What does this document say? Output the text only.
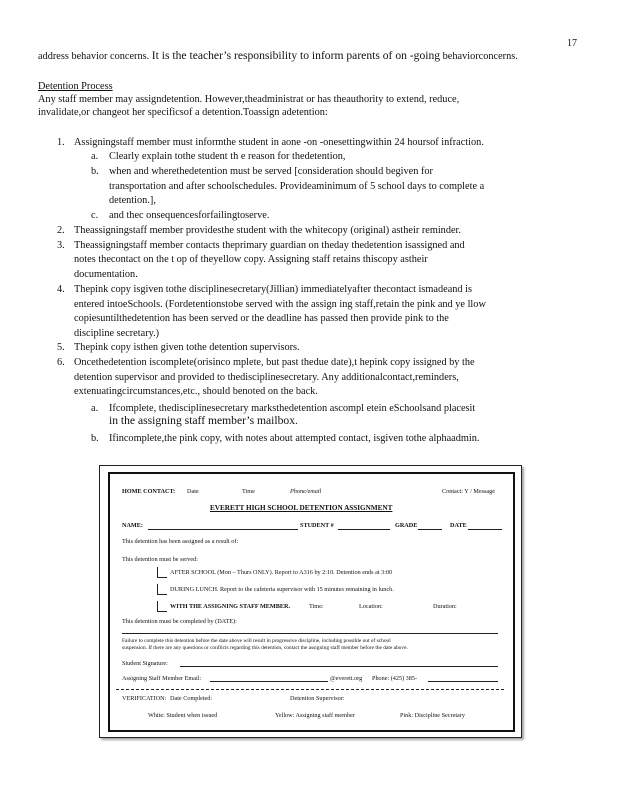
17
address behavior concerns. It is the teacher’s responsibility to inform parents of on -going behaviorconcerns.
Detention Process
Any staff member may assigndetention. However,theadministrat or has theauthority to extend, reduce,
invalidate,or changeot her specificsof a detention.Toassign adetention:
1. Assigningstaff member must informthe student in aone -on -onesettingwithin 24 hoursof infraction.
a. Clearly explain tothe student th e reason for thedetention,
b. when and wherethedetention must be served [consideration should begiven for
transportation and after schoolschedules. Provideaminimum of 5 school days to complete a
detention.],
c. and thec onsequencesforfailingtoserve.
2. Theassigningstaff member providesthe student with the whitecopy (original) astheir reminder.
3. Theassigningstaff member contacts theprimary guardian on theday thedetention isassigned and
notes thecontact on the t op of theyellow copy. Assigning staff retains thiscopy astheir
documentation.
4. Thepink copy isgiven tothe disciplinesecretary(Jillian) immediatelyafter thecontact ismadeand is
entered intoeSchools. (Fordetentionstobe served with the assign ing staff,retain the pink and ye llow
copiesuntilthedetention has been served or the deadline has passed then provide pink to the
discipline secretary.)
5. Thepink copy isthen given tothe detention supervisors.
6. Oncethedetention iscomplete(orisinco mplete, but past thedue date),t hepink copy issigned by the
detention supervisor and provided to thedisciplinesecretary. Any additionalcontact,reminders,
extenuatingcircumstances,etc., should benoted on the back.
a. Ifcomplete, thedisciplinesecretary marksthedetention ascompl etein eSchoolsand placesit
in the assigning staff member’s mailbox.
b. Ifincomplete,the pink copy, with notes about attempted contact, isgiven tothe alphaadmin.
HOME CONTACT: Date	Time	Phone/email	Contact: Y / Message
EVERETT HIGH SCHOOL DETENTION ASSIGNMENT
NAME:	STUDENT #	GRADE	DATE
This detention has been assigned as a result of:
This detention must be served:
AFTER SCHOOL (Mon – Thurs ONLY). Report to A316 by 2:10. Detention ends at 3:00
DURING LUNCH. Report to the cafeteria supervisor with 15 minutes remaining in lunch.
WITH THE ASSIGNING STAFF MEMBER.	Time:	Location:	Duration:
This detention must be completed by (DATE):
Failure to complete this detention before the date above will result in progressive discipline, including possible out of school
suspension. If there are any questions or conflicts regarding this detention, contact the assigning staff member before the date above.
Student Signature:
Assigning Staff Member Email:	@everett.org Phone: (425) 385-
VERIFICATION: Date Completed:	Detention Supervisor:
White: Student when issued	Yellow: Assigning staff member	Pink: Discipline Secretary
